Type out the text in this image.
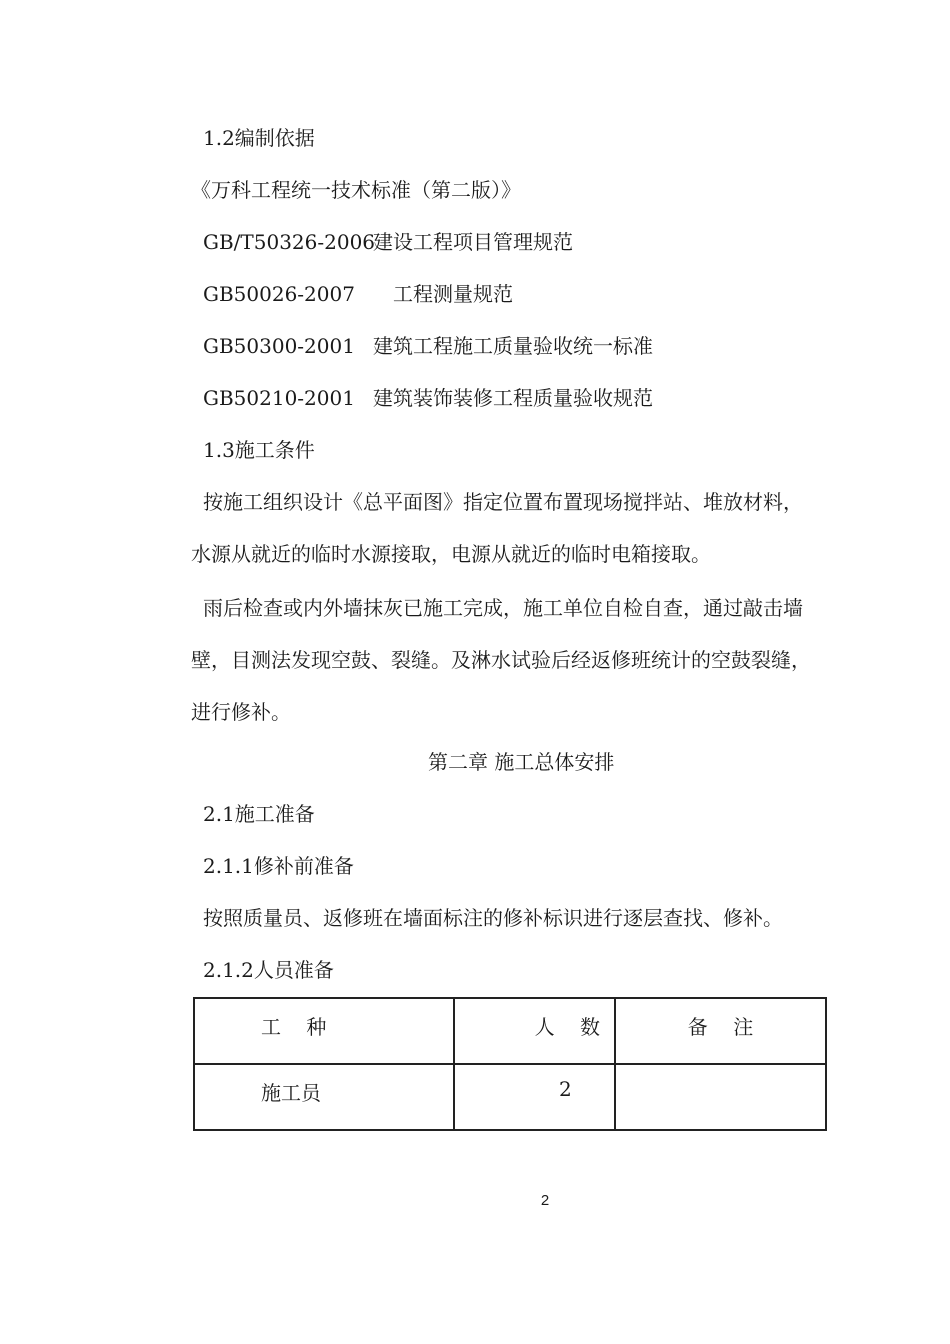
1.2编制依据
《万科工程统一技术标准（第二版）》
GB/T50326-2006建设工程项目管理规范
GB50026-2007 工程测量规范
GB50300-2001 建筑工程施工质量验收统一标准
GB50210-2001 建筑装饰装修工程质量验收规范
1.3施工条件
按施工组织设计《总平面图》指定位置布置现场搅拌站、堆放材料，
水源从就近的临时水源接取，电源从就近的临时电箱接取。
雨后检查或内外墙抹灰已施工完成，施工单位自检自查，通过敲击墙
壁，目测法发现空鼓、裂缝。及淋水试验后经返修班统计的空鼓裂缝，
进行修补。
第二章 施工总体安排
2.1施工准备
2.1.1修补前准备
按照质量员、返修班在墙面标注的修补标识进行逐层查找、修补。
2.1.2人员准备
工    种	人    数	备    注
施工员	2	
2
